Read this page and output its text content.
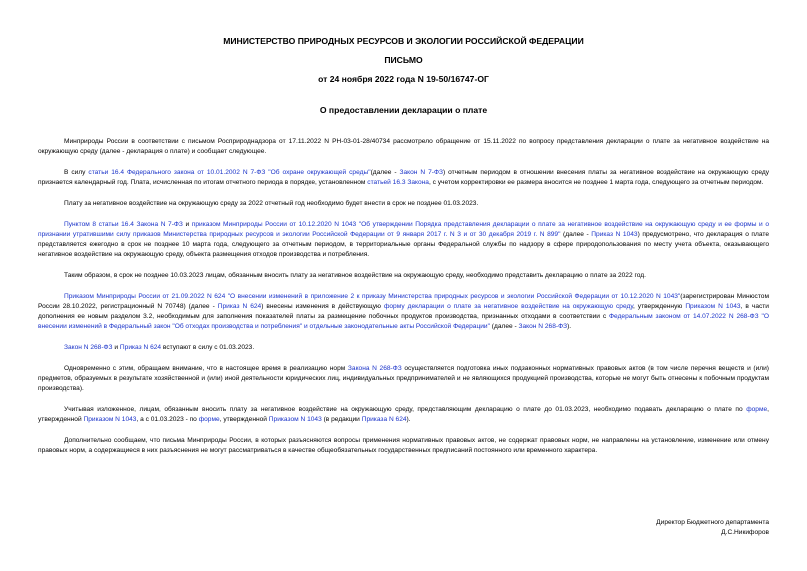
МИНИСТЕРСТВО ПРИРОДНЫХ РЕСУРСОВ И ЭКОЛОГИИ РОССИЙСКОЙ ФЕДЕРАЦИИ
ПИСЬМО
от 24 ноября 2022 года N 19-50/16747-ОГ
О предоставлении декларации о плате

Минприроды России в соответствии с письмом Росприроднадзора от 17.11.2022 N РН-03-01-28/40734 рассмотрело обращение от 15.11.2022 по вопросу представления декларации о плате за негативное воздействие на окружающую среду (далее - декларация о плате) и сообщает следующее.

В силу статьи 16.4 Федерального закона от 10.01.2002 N 7-ФЗ "Об охране окружающей среды"(далее - Закон N 7-ФЗ) отчетным периодом в отношении внесения платы за негативное воздействие на окружающую среду признается календарный год. Плата, исчисленная по итогам отчетного периода в порядке, установленном статьей 16.3 Закона, с учетом корректировки ее размера вносится не позднее 1 марта года, следующего за отчетным периодом.

Плату за негативное воздействие на окружающую среду за 2022 отчетный год необходимо будет внести в срок не позднее 01.03.2023.

Пунктом 8 статьи 16.4 Закона N 7-ФЗ и приказом Минприроды России от 10.12.2020 N 1043 "Об утверждении Порядка представления декларации о плате за негативное воздействие на окружающую среду и ее формы и о признании утратившими силу приказов Министерства природных ресурсов и экологии Российской Федерации от 9 января 2017 г. N 3 и от 30 декабря 2019 г. N 899" (далее - Приказ N 1043) предусмотрено, что декларация о плате представляется ежегодно в срок не позднее 10 марта года, следующего за отчетным периодом, в территориальные органы Федеральной службы по надзору в сфере природопользования по месту учета объекта, оказывающего негативное воздействие на окружающую среду, объекта размещения отходов производства и потребления.

Таким образом, в срок не позднее 10.03.2023 лицам, обязанным вносить плату за негативное воздействие на окружающую среду, необходимо представить декларацию о плате за 2022 год.

Приказом Минприроды России от 21.09.2022 N 624 "О внесении изменений в приложение 2 к приказу Министерства природных ресурсов и экологии Российской Федерации от 10.12.2020 N 1043"(зарегистрирован Минюстом России 28.10.2022, регистрационный N 70748) (далее - Приказ N 624) внесены изменения в действующую форму декларации о плате за негативное воздействие на окружающую среду, утвержденную Приказом N 1043, в части дополнения ее новым разделом 3.2, необходимым для заполнения показателей платы за размещение побочных продуктов производства, признанных отходами в соответствии с Федеральным законом от 14.07.2022 N 268-ФЗ "О внесении изменений в Федеральный закон "Об отходах производства и потребления" и отдельные законодательные акты Российской Федерации" (далее - Закон N 268-ФЗ).

Закон N 268-ФЗ и Приказ N 624 вступают в силу с 01.03.2023.

Одновременно с этим, обращаем внимание, что в настоящее время в реализацию норм Закона N 268-ФЗ осуществляется подготовка иных подзаконных нормативных правовых актов (в том числе перечня веществ и (или) предметов, образуемых в результате хозяйственной и (или) иной деятельности юридических лиц, индивидуальных предпринимателей и не являющихся продукцией производства, которые не могут быть отнесены к побочным продуктам производства).

Учитывая изложенное, лицам, обязанным вносить плату за негативное воздействие на окружающую среду, представляющим декларацию о плате до 01.03.2023, необходимо подавать декларацию о плате по форме, утвержденной Приказом N 1043, а с 01.03.2023 - по форме, утвержденной Приказом N 1043 (в редакции Приказа N 624).

Дополнительно сообщаем, что письма Минприроды России, в которых разъясняются вопросы применения нормативных правовых актов, не содержат правовых норм, не направлены на установление, изменение или отмену правовых норм, а содержащиеся в них разъяснения не могут рассматриваться в качестве общеобязательных государственных предписаний постоянного или временного характера.

Директор Бюджетного департамента
Д.С.Никифоров
